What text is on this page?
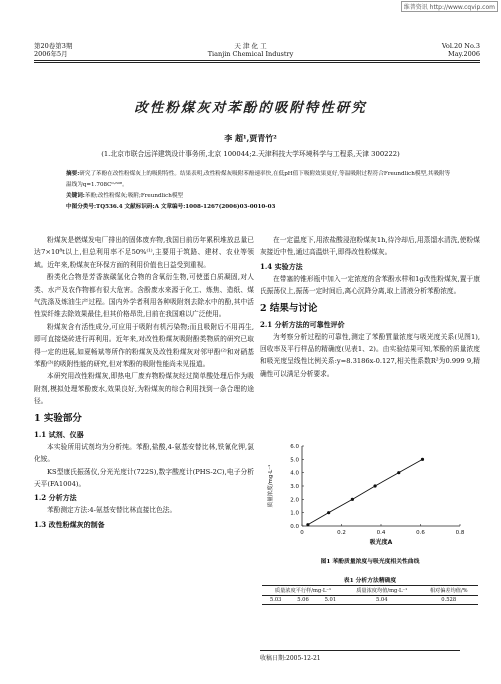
维普资讯 http://www.cqvip.com
第20卷第3期
2006年5月
天 津 化 工
Tianjin Chemical Industry
Vol.20 No.3
May.2006
改性粉煤灰对苯酚的吸附特性研究
李 超¹,贾青竹²
(1.北京市联合远洋建筑设计事务所,北京 100044;2.天津科技大学环境科学与工程系,天津 300222)
摘要:研究了苯酚在改性粉煤灰上的吸附特性。结果表明,改性粉煤灰吸附苯酚速率快,在低pH值下吸附效果更好,等温吸附过程符合Freundlich模型,其吸附等温线为q=1.708C⁰·⁶⁰⁸。
关键词:苯酚;改性粉煤灰;吸附;Freundlich模型
中图分类号:TQ536.4 文献标识码:A 文章编号:1008-1267(2006)03-0010-03

粉煤灰是燃煤发电厂排出的固体废弃物,我国目前历年累积堆放总量已达7×10⁸t以上,但总利用率不足50%⁽¹⁾,主要用于筑路、建材、农业等领域。近年来,粉煤灰在环保方面的利用价值也日益受到重视。

酚类化合物是芳香族碳氢化合物的含氧衍生物,可使蛋白质凝固,对人类、水产及农作物都有很大危害。含酚废水来源于化工、炼焦、造纸、煤气洗涤及炼油生产过程。国内外学者利用各种吸附剂去除水中的酚,其中活性炭纤维去除效果最佳,但其价格昂贵,目前在我国难以广泛使用。

粉煤灰含有活性成分,可应用于吸附有机污染物;而且吸附后不用再生,即可直接烧砖进行再利用。近年来,对改性粉煤灰吸附酚类物质的研究已取得一定的进展,如夏畅斌等所作的粉煤灰及改性粉煤灰对邻甲酚⁽²⁾和对硝基苯酚⁽³⁾的吸附性能的研究,但对苯酚的吸附性能尚未见报道。

本研究用改性粉煤灰,即热电厂废弃物粉煤灰经过简单酸处理后作为吸附剂,模拟处理苯酚废水,效果良好,为粉煤灰的综合利用找到一条合理的途径。

1 实验部分
1.1 试剂、仪器

本实验所用试剂均为分析纯。苯酚,盐酸,4-氨基安替比林,铁氰化钾,氯化铵。

KS型康氏振荡仪,分光光度计(722S),数字酸度计(PHS-2C),电子分析天平(FA1004)。

1.2 分析方法

苯酚测定方法:4-氨基安替比林直接比色法。

1.3 改性粉煤灰的制备

在一定温度下,用浓盐酸浸泡粉煤灰1h,待冷却后,用蒸馏水清洗,使粉煤灰接近中性,通过高温烘干,即得改性粉煤灰。

1.4 实验方法

在带塞的锥形瓶中加入一定浓度的含苯酚水样和1g改性粉煤灰,置于康氏振荡仪上,振荡一定时间后,离心沉降分离,取上清液分析苯酚浓度。

2 结果与讨论
2.1 分析方法的可靠性评价

为考察分析过程的可靠性,测定了苯酚質量浓度与吸光度关系(见图1),回收率及平行样品的精确度(见表1、2)。由实验结果可知,苯酚的质量浓度和吸光度呈线性比例关系:y=8.3186x-0.127,相关性系数R²为0.999 9,精确性可以满足分析要求。

0	0.2	0.4	0.6	0.8
0.0
1.0
2.0
3.0
4.0
5.0
6.0
吸光度A
质量浓度/mg·L⁻¹
图1 苯酚质量浓度与吸光度相关性曲线
表1 分析方法精确度
质量浓度平行样/mg·L⁻¹			质量浓度均值/mg·L⁻¹	相对偏差均值/%
5.03	5.06	5.01	5.04	0.528
收稿日期:2005-12-21
